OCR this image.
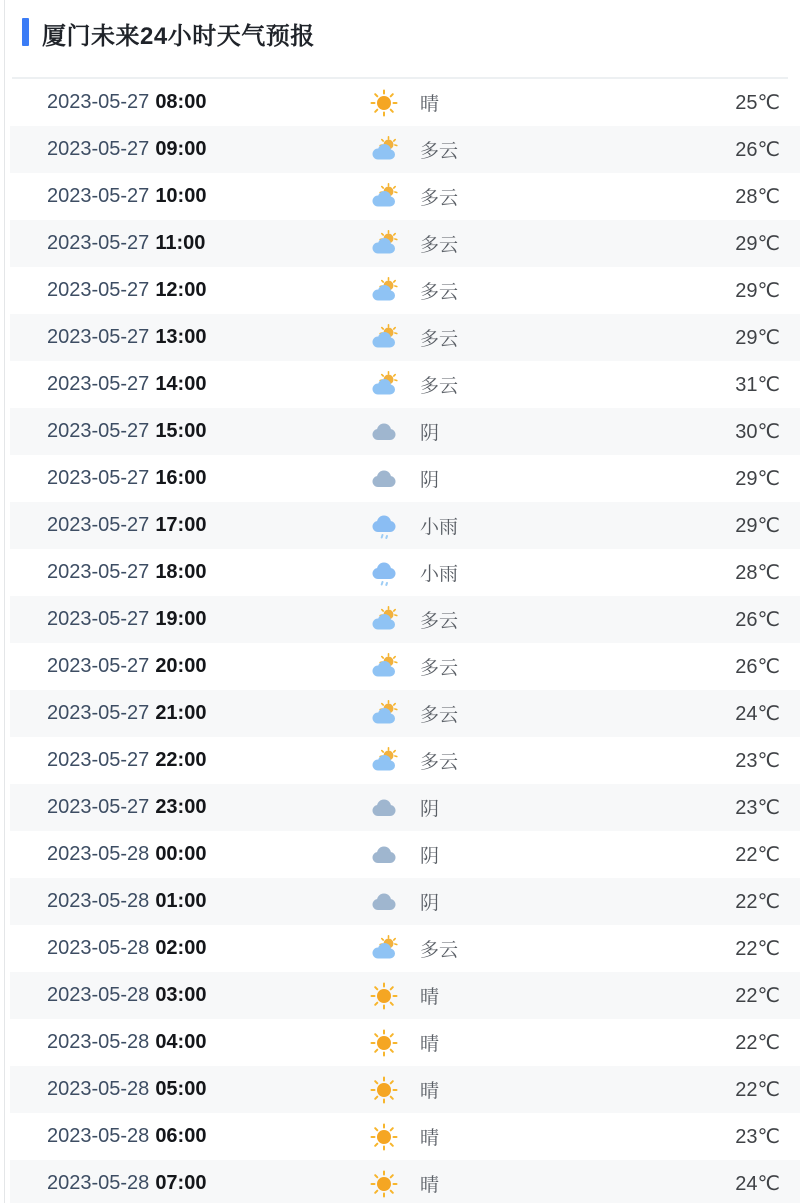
厦门未来24小时天气预报
2023-05-27 08:00	晴	25℃
2023-05-27 09:00	多云	26℃
2023-05-27 10:00	多云	28℃
2023-05-27 11:00	多云	29℃
2023-05-27 12:00	多云	29℃
2023-05-27 13:00	多云	29℃
2023-05-27 14:00	多云	31℃
2023-05-27 15:00	阴	30℃
2023-05-27 16:00	阴	29℃
2023-05-27 17:00	小雨	29℃
2023-05-27 18:00	小雨	28℃
2023-05-27 19:00	多云	26℃
2023-05-27 20:00	多云	26℃
2023-05-27 21:00	多云	24℃
2023-05-27 22:00	多云	23℃
2023-05-27 23:00	阴	23℃
2023-05-28 00:00	阴	22℃
2023-05-28 01:00	阴	22℃
2023-05-28 02:00	多云	22℃
2023-05-28 03:00	晴	22℃
2023-05-28 04:00	晴	22℃
2023-05-28 05:00	晴	22℃
2023-05-28 06:00	晴	23℃
2023-05-28 07:00	晴	24℃
